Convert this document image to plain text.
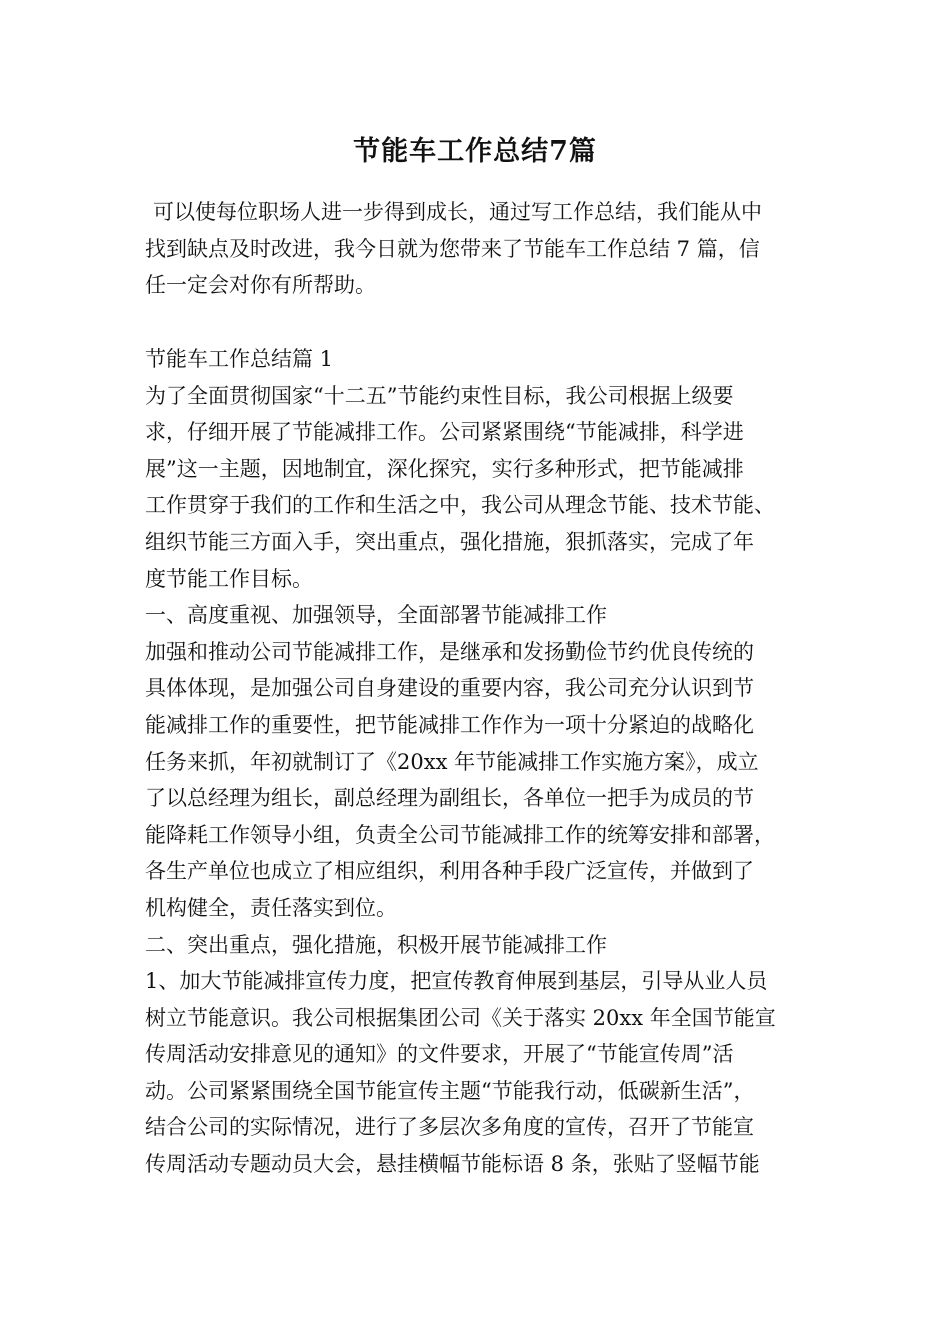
节能车工作总结7篇
可以使每位职场人进一步得到成长，通过写工作总结，我们能从中
找到缺点及时改进，我今日就为您带来了节能车工作总结 7 篇，信
任一定会对你有所帮助。
节能车工作总结篇 1
为了全面贯彻国家“十二五”节能约束性目标，我公司根据上级要
求，仔细开展了节能减排工作。公司紧紧围绕“节能减排，科学进
展”这一主题，因地制宜，深化探究，实行多种形式，把节能减排
工作贯穿于我们的工作和生活之中，我公司从理念节能、技术节能、
组织节能三方面入手，突出重点，强化措施，狠抓落实，完成了年
度节能工作目标。
一、高度重视、加强领导，全面部署节能减排工作
加强和推动公司节能减排工作，是继承和发扬勤俭节约优良传统的
具体体现，是加强公司自身建设的重要内容，我公司充分认识到节
能减排工作的重要性，把节能减排工作作为一项十分紧迫的战略化
任务来抓，年初就制订了《20xx 年节能减排工作实施方案》，成立
了以总经理为组长，副总经理为副组长，各单位一把手为成员的节
能降耗工作领导小组，负责全公司节能减排工作的统筹安排和部署，
各生产单位也成立了相应组织，利用各种手段广泛宣传，并做到了
机构健全，责任落实到位。
二、突出重点，强化措施，积极开展节能减排工作
1、加大节能减排宣传力度，把宣传教育伸展到基层，引导从业人员
树立节能意识。我公司根据集团公司《关于落实 20xx 年全国节能宣
传周活动安排意见的通知》的文件要求，开展了“节能宣传周”活
动。公司紧紧围绕全国节能宣传主题“节能我行动，低碳新生活”，
结合公司的实际情况，进行了多层次多角度的宣传，召开了节能宣
传周活动专题动员大会，悬挂横幅节能标语 8 条，张贴了竖幅节能
